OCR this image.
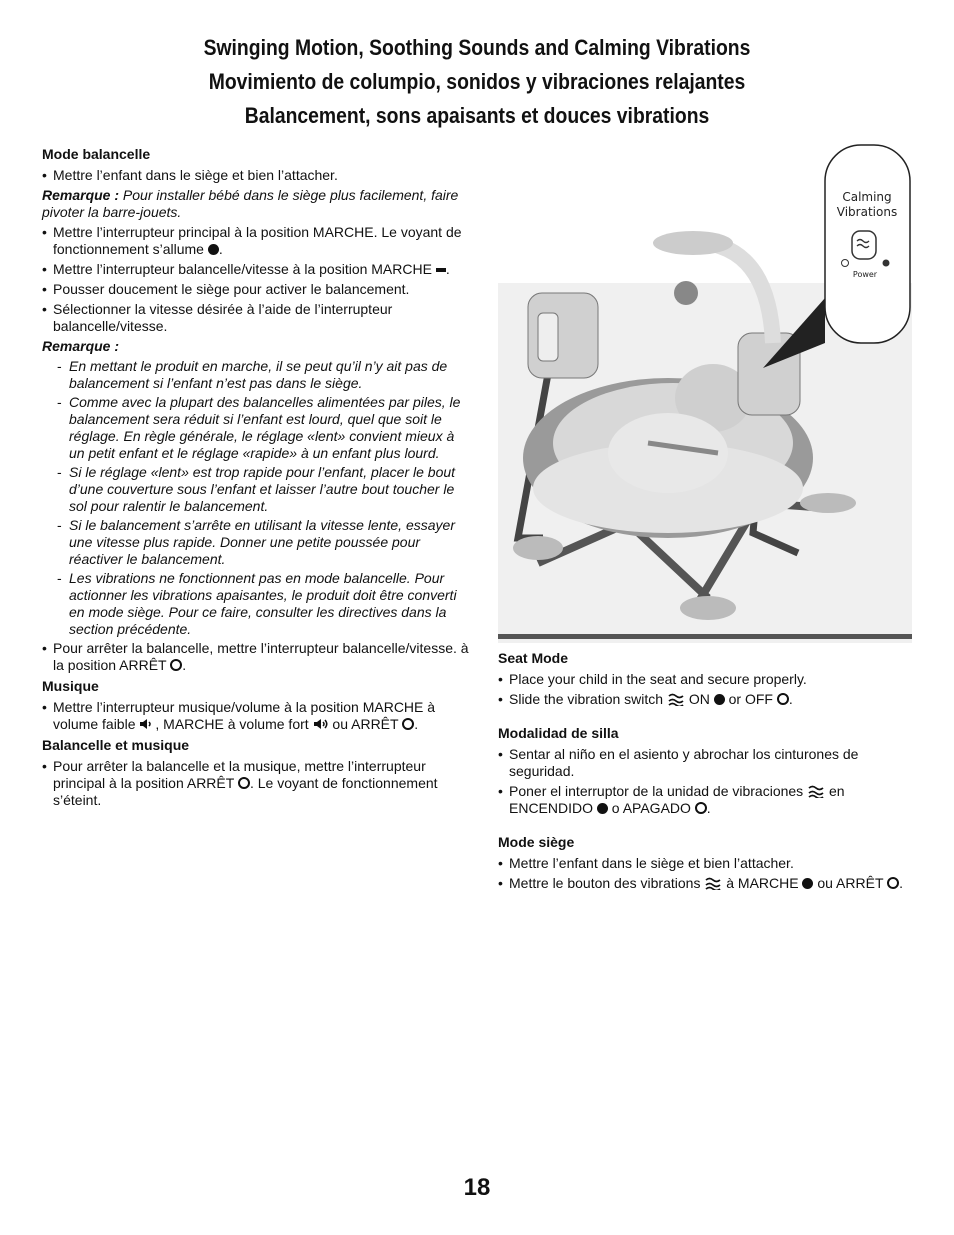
Swinging Motion, Soothing Sounds and Calming Vibrations
Movimiento de columpio, sonidos y vibraciones relajantes
Balancement, sons apaisants et douces vibrations
Mode balancelle
• Mettre l’enfant dans le siège et bien l’attacher.
Remarque : Pour installer bébé dans le siège plus facilement, faire pivoter la barre-jouets.
• Mettre l’interrupteur principal à la position MARCHE. Le voyant de fonctionnement s’allume .
• Mettre l’interrupteur balancelle/vitesse à la position MARCHE .
• Pousser doucement le siège pour activer le balancement.
• Sélectionner la vitesse désirée à l’aide de l’interrupteur balancelle/vitesse.
Remarque :
- En mettant le produit en marche, il se peut qu’il n’y ait pas de balancement si l’enfant n’est pas dans le siège.
- Comme avec la plupart des balancelles alimentées par piles, le balancement sera réduit si l’enfant est lourd, quel que soit le réglage. En règle générale, le réglage «lent» convient mieux à un petit enfant et le réglage «rapide» à un enfant plus lourd.
- Si le réglage «lent» est trop rapide pour l’enfant, placer le bout d’une couverture sous l’enfant et laisser l’autre bout toucher le sol pour ralentir le balancement.
- Si le balancement s’arrête en utilisant la vitesse lente, essayer une vitesse plus rapide. Donner une petite poussée pour réactiver le balancement.
- Les vibrations ne fonctionnent pas en mode balancelle. Pour actionner les vibrations apaisantes, le produit doit être converti en mode siège. Pour ce faire, consulter les directives dans la section précédente.
• Pour arrêter la balancelle, mettre l’interrupteur balancelle/vitesse. à la position ARRÊT .
Musique
• Mettre l’interrupteur musique/volume à la position MARCHE à volume faible , MARCHE à volume fort  ou ARRÊT .
Balancelle et musique
• Pour arrêter la balancelle et la musique, mettre l’interrupteur principal à la position ARRÊT . Le voyant de fonctionnement s’éteint.
Calming
Vibrations
Power
Seat Mode
• Place your child in the seat and secure properly.
• Slide the vibration switch  ON  or OFF .
Modalidad de silla
• Sentar al niño en el asiento y abrochar los cinturones de seguridad.
• Poner el interruptor de la unidad de vibraciones  en ENCENDIDO  o APAGADO .
Mode siège
• Mettre l’enfant dans le siège et bien l’attacher.
• Mettre le bouton des vibrations  à MARCHE  ou ARRÊT .
18
